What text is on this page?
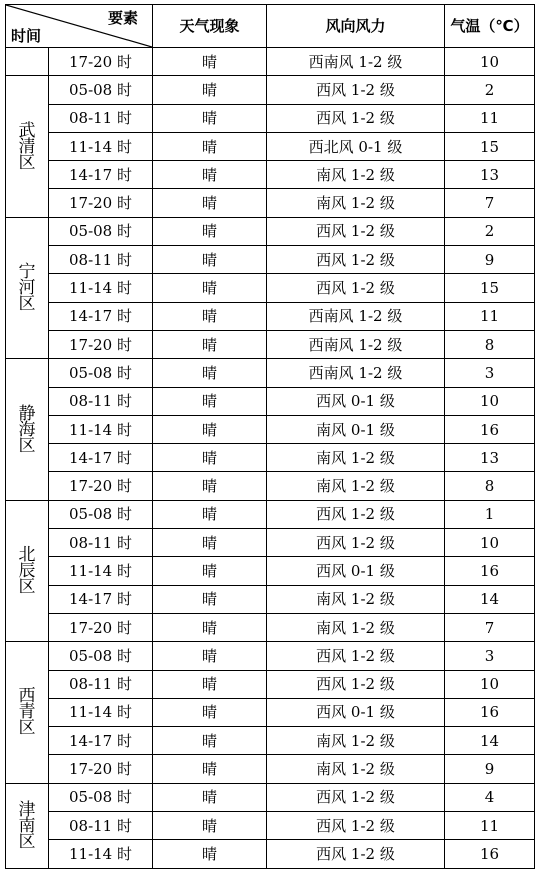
要素
时间		天气现象	风向风力	气温（℃）
	17-20 时	晴	西南风 1-2 级	10

武
清
区	05-08 时	晴	西风 1-2 级	2
	08-11 时	晴	西风 1-2 级	11
	11-14 时	晴	西北风 0-1 级	15
	14-17 时	晴	南风 1-2 级	13
	17-20 时	晴	南风 1-2 级	7

宁
河
区	05-08 时	晴	西风 1-2 级	2
	08-11 时	晴	西风 1-2 级	9
	11-14 时	晴	西风 1-2 级	15
	14-17 时	晴	西南风 1-2 级	11
	17-20 时	晴	西南风 1-2 级	8

静
海
区	05-08 时	晴	西南风 1-2 级	3
	08-11 时	晴	西风 0-1 级	10
	11-14 时	晴	南风 0-1 级	16
	14-17 时	晴	南风 1-2 级	13
	17-20 时	晴	南风 1-2 级	8

北
辰
区	05-08 时	晴	西风 1-2 级	1
	08-11 时	晴	西风 1-2 级	10
	11-14 时	晴	西风 0-1 级	16
	14-17 时	晴	南风 1-2 级	14
	17-20 时	晴	南风 1-2 级	7

西
青
区	05-08 时	晴	西风 1-2 级	3
	08-11 时	晴	西风 1-2 级	10
	11-14 时	晴	西风 0-1 级	16
	14-17 时	晴	南风 1-2 级	14
	17-20 时	晴	南风 1-2 级	9

津
南
区	05-08 时	晴	西风 1-2 级	4
	08-11 时	晴	西风 1-2 级	11
	11-14 时	晴	西风 1-2 级	16
